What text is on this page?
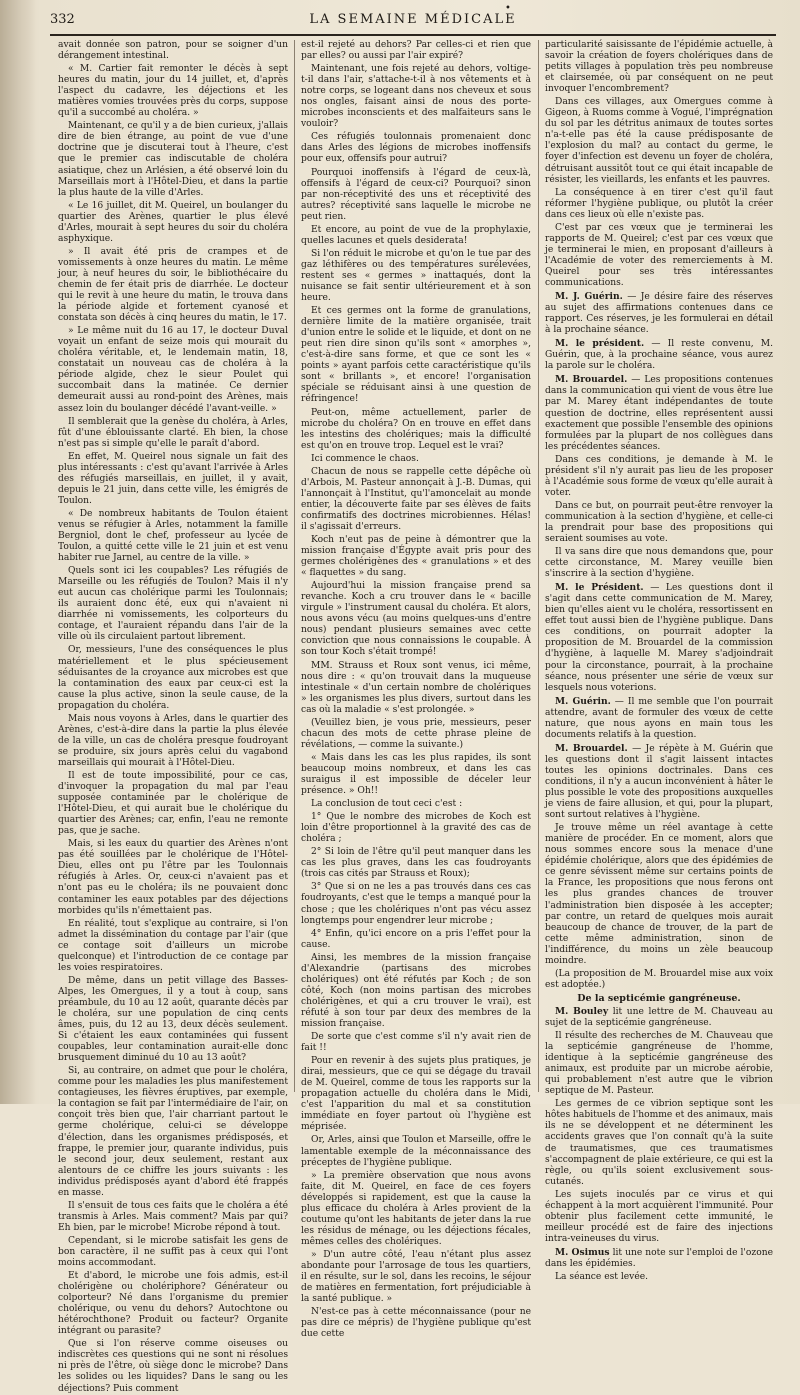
332	LA SEMAINE MÉDICALE
•

avait donnée son patron, pour se soigner d'un dérangement intestinal.

« M. Cartier fait remonter le décès à sept heures du matin, jour du 14 juillet, et, d'après l'aspect du cadavre, les déjections et les matières vomies trouvées près du corps, suppose qu'il a succombé au choléra. »

Maintenant, ce qu'il y a de bien curieux, j'allais dire de bien étrange, au point de vue d'une doctrine que je discuterai tout à l'heure, c'est que le premier cas indiscutable de choléra asiatique, chez un Arlésien, a été observé loin du Marseillais mort à l'Hôtel-Dieu, et dans la partie la plus haute de la ville d'Arles.

« Le 16 juillet, dit M. Queirel, un boulanger du quartier des Arènes, quartier le plus élevé d'Arles, mourait à sept heures du soir du choléra asphyxique.

» Il avait été pris de crampes et de vomissements à onze heures du matin. Le même jour, à neuf heures du soir, le bibliothécaire du chemin de fer était pris de diarrhée. Le docteur qui le revit à une heure du matin, le trouva dans la période algide et fortement cyanosé et constata son décès à cinq heures du matin, le 17.

» Le même nuit du 16 au 17, le docteur Duval voyait un enfant de seize mois qui mourait du choléra véritable, et, le lendemain matin, 18, constatait un nouveau cas de choléra à la période algide, chez le sieur Poulet qui succombait dans la matinée. Ce dernier demeurait aussi au rond-point des Arènes, mais assez loin du boulanger décédé l'avant-veille. »

Il semblerait que la genèse du choléra, à Arles, fût d'une éblouissante clarté. Eh bien, la chose n'est pas si simple qu'elle le paraît d'abord.

En effet, M. Queirel nous signale un fait des plus intéressants : c'est qu'avant l'arrivée à Arles des réfugiés marseillais, en juillet, il y avait, depuis le 21 juin, dans cette ville, les émigrés de Toulon.

« De nombreux habitants de Toulon étaient venus se réfugier à Arles, notamment la famille Bergniol, dont le chef, professeur au lycée de Toulon, a quitté cette ville le 21 juin et est venu habiter rue Jarnel, au centre de la ville. »

Quels sont ici les coupables? Les réfugiés de Marseille ou les réfugiés de Toulon? Mais il n'y eut aucun cas cholérique parmi les Toulonnais; ils auraient donc été, eux qui n'avaient ni diarrhée ni vomissements, les colporteurs du contage, et l'auraient répandu dans l'air de la ville où ils circulaient partout librement.

Or, messieurs, l'une des conséquences le plus matériellement et le plus spécieusement séduisantes de la croyance aux microbes est que la contamination des eaux par ceux-ci est la cause la plus active, sinon la seule cause, de la propagation du choléra.

Mais nous voyons à Arles, dans le quartier des Arènes, c'est-à-dire dans la partie la plus élevée de la ville, un cas de choléra presque foudroyant se produire, six jours après celui du vagabond marseillais qui mourait à l'Hôtel-Dieu.

Il est de toute impossibilité, pour ce cas, d'invoquer la propagation du mal par l'eau supposée contaminée par le cholérique de l'Hôtel-Dieu, et qui aurait bue le cholérique du quartier des Arènes; car, enfin, l'eau ne remonte pas, que je sache.

Mais, si les eaux du quartier des Arènes n'ont pas été souillées par le cholérique de l'Hôtel-Dieu, elles ont pu l'être par les Toulonnais réfugiés à Arles. Or, ceux-ci n'avaient pas et n'ont pas eu le choléra; ils ne pouvaient donc contaminer les eaux potables par des déjections morbides qu'ils n'émettaient pas.

En réalité, tout s'explique au contraire, si l'on admet la dissémination du contage par l'air (que ce contage soit d'ailleurs un microbe quelconque) et l'introduction de ce contage par les voies respiratoires.

De même, dans un petit village des Basses-Alpes, les Omergues, il y a tout à coup, sans préambule, du 10 au 12 août, quarante décès par le choléra, sur une population de cinq cents âmes, puis, du 12 au 13, deux décès seulement. Si c'étaient les eaux contaminées qui fussent coupables, leur contamination aurait-elle donc brusquement diminué du 10 au 13 août?

Si, au contraire, on admet que pour le choléra, comme pour les maladies les plus manifestement contagieuses, les fièvres éruptives, par exemple, la contagion se fait par l'intermédiaire de l'air, on conçoit très bien que, l'air charriant partout le germe cholérique, celui-ci se développe d'élection, dans les organismes prédisposés, et frappe, le premier jour, quarante individus, puis le second jour, deux seulement, restant aux alentours de ce chiffre les jours suivants : les individus prédisposés ayant d'abord été frappés en masse.

Il s'ensuit de tous ces faits que le choléra a été transmis à Arles. Mais comment? Mais par qui? Eh bien, par le microbe! Microbe répond à tout.

Cependant, si le microbe satisfait les gens de bon caractère, il ne suffit pas à ceux qui l'ont moins accommodant.

Et d'abord, le microbe une fois admis, est-il cholérigène ou cholériphore? Générateur ou colporteur? Né dans l'organisme du premier cholérique, ou venu du dehors? Autochtone ou hétérochthone? Produit ou facteur? Organite intégrant ou parasite?

Que si l'on réserve comme oiseuses ou indiscrètes ces questions qui ne sont ni résolues ni près de l'être, où siège donc le microbe? Dans les solides ou les liquides? Dans le sang ou les déjections? Puis comment

est-il rejeté au dehors? Par celles-ci et rien que par elles? ou aussi par l'air expiré?

Maintenant, une fois rejeté au dehors, voltige-t-il dans l'air, s'attache-t-il à nos vêtements et à notre corps, se logeant dans nos cheveux et sous nos ongles, faisant ainsi de nous des porte-microbes inconscients et des malfaiteurs sans le vouloir?

Ces réfugiés toulonnais promenaient donc dans Arles des légions de microbes inoffensifs pour eux, offensifs pour autrui?

Pourquoi inoffensifs à l'égard de ceux-là, offensifs à l'égard de ceux-ci? Pourquoi? sinon par non-réceptivité des uns et réceptivité des autres? réceptivité sans laquelle le microbe ne peut rien.

Et encore, au point de vue de la prophylaxie, quelles lacunes et quels desiderata!

Si l'on réduit le microbe et qu'on le tue par des gaz léthifères ou des températures surélevées, restent ses « germes » inattaqués, dont la nuisance se fait sentir ultérieurement et à son heure.

Et ces germes ont la forme de granulations, dernière limite de la matière organisée, trait d'union entre le solide et le liquide, et dont on ne peut rien dire sinon qu'ils sont « amorphes », c'est-à-dire sans forme, et que ce sont les « points » ayant parfois cette caractéristique qu'ils sont « brillants », et encore! l'organisation spéciale se réduisant ainsi à une question de réfringence!

Peut-on, même actuellement, parler de microbe du choléra? On en trouve en effet dans les intestins des cholériques; mais la difficulté est qu'on en trouve trop. Lequel est le vrai?

Ici commence le chaos.

Chacun de nous se rappelle cette dépêche où d'Arbois, M. Pasteur annonçait à J.-B. Dumas, qui l'annonçait à l'Institut, qu'l'amoncelait au monde entier, la découverte faite par ses élèves de faits confirmatifs des doctrines microbiennes. Hélas! il s'agissait d'erreurs.

Koch n'eut pas de peine à démontrer que la mission française d'Égypte avait pris pour des germes cholérigènes des « granulations » et des « flaquettes » du sang.

Aujourd'hui la mission française prend sa revanche. Koch a cru trouver dans le « bacille virgule » l'instrument causal du choléra. Et alors, nous avons vécu (au moins quelques-uns d'entre nous) pendant plusieurs semaines avec cette conviction que nous connaissions le coupable. À son tour Koch s'était trompé!

MM. Strauss et Roux sont venus, ici même, nous dire : « qu'on trouvait dans la muqueuse intestinale « d'un certain nombre de cholériques » les organismes les plus divers, surtout dans les cas où la maladie « s'est prolongée. »

(Veuillez bien, je vous prie, messieurs, peser chacun des mots de cette phrase pleine de révélations, — comme la suivante.)

« Mais dans les cas les plus rapides, ils sont beaucoup moins nombreux, et dans les cas suraigus il est impossible de déceler leur présence. » Oh!!

La conclusion de tout ceci c'est :

1° Que le nombre des microbes de Koch est loin d'être proportionnel à la gravité des cas de choléra ;

2° Si loin de l'être qu'il peut manquer dans les cas les plus graves, dans les cas foudroyants (trois cas cités par Strauss et Roux);

3° Que si on ne les a pas trouvés dans ces cas foudroyants, c'est que le temps a manqué pour la chose ; que les cholériques n'ont pas vécu assez longtemps pour engendrer leur microbe ;

4° Enfin, qu'ici encore on a pris l'effet pour la cause.

Ainsi, les membres de la mission française d'Alexandrie (partisans des microbes cholériques) ont été réfutés par Koch ; de son côté, Koch (non moins partisan des microbes cholérigènes, et qui a cru trouver le vrai), est réfuté à son tour par deux des membres de la mission française.

De sorte que c'est comme s'il n'y avait rien de fait !!

Pour en revenir à des sujets plus pratiques, je dirai, messieurs, que ce qui se dégage du travail de M. Queirel, comme de tous les rapports sur la propagation actuelle du choléra dans le Midi, c'est l'apparition du mal et sa constitution immédiate en foyer partout où l'hygiène est méprisée.

Or, Arles, ainsi que Toulon et Marseille, offre le lamentable exemple de la méconnaissance des préceptes de l'hygiène publique.

» La première observation que nous avons faite, dit M. Queirel, en face de ces foyers développés si rapidement, est que la cause la plus efficace du choléra à Arles provient de la coutume qu'ont les habitants de jeter dans la rue les résidus de ménage, ou les déjections fécales, mêmes celles des cholériques.

» D'un autre côté, l'eau n'étant plus assez abondante pour l'arrosage de tous les quartiers, il en résulte, sur le sol, dans les recoins, le séjour de matières en fermentation, fort préjudiciable à la santé publique. »

N'est-ce pas à cette méconnaissance (pour ne pas dire ce mépris) de l'hygiène publique qu'est due cette

particularité saisissante de l'épidémie actuelle, à savoir la création de foyers cholériques dans de petits villages à population très peu nombreuse et clairsemée, où par conséquent on ne peut invoquer l'encombrement?

Dans ces villages, aux Omergues comme à Gigeon, à Ruoms comme à Vogué, l'imprégnation du sol par les détritus animaux de toutes sortes n'a-t-elle pas été la cause prédisposante de l'explosion du mal? au contact du germe, le foyer d'infection est devenu un foyer de choléra, détruisant aussitôt tout ce qui était incapable de résister, les vieillards, les enfants et les pauvres.

La conséquence à en tirer c'est qu'il faut réformer l'hygiène publique, ou plutôt la créer dans ces lieux où elle n'existe pas.

C'est par ces vœux que je terminerai les rapports de M. Queirel; c'est par ces vœux que je terminerai le mien, en proposant d'ailleurs à l'Académie de voter des remerciements à M. Queirel pour ses très intéressantes communications.

M. J. Guérin. — Je désire faire des réserves au sujet des affirmations contenues dans ce rapport. Ces réserves, je les formulerai en détail à la prochaine séance.

M. le président. — Il reste convenu, M. Guérin, que, à la prochaine séance, vous aurez la parole sur le choléra.

M. Brouardel. — Les propositions contenues dans la communication qui vient de vous être lue par M. Marey étant indépendantes de toute question de doctrine, elles représentent aussi exactement que possible l'ensemble des opinions formulées par la plupart de nos collègues dans les précédentes séances.

Dans ces conditions, je demande à M. le président s'il n'y aurait pas lieu de les proposer à l'Académie sous forme de vœux qu'elle aurait à voter.

Dans ce but, on pourrait peut-être renvoyer la communication à la section d'hygiène, et celle-ci la prendrait pour base des propositions qui seraient soumises au vote.

Il va sans dire que nous demandons que, pour cette circonstance, M. Marey veuille bien s'inscrire à la section d'hygiène.

M. le Président. — Les questions dont il s'agit dans cette communication de M. Marey, bien qu'elles aient vu le choléra, ressortissent en effet tout aussi bien de l'hygiène publique. Dans ces conditions, on pourrait adopter la proposition de M. Brouardel de la commission d'hygiène, à laquelle M. Marey s'adjoindrait pour la circonstance, pourrait, à la prochaine séance, nous présenter une série de vœux sur lesquels nous voterions.

M. Guérin. — Il me semble que l'on pourrait attendre, avant de formuler des vœux de cette nature, que nous ayons en main tous les documents relatifs à la question.

M. Brouardel. — Je répète à M. Guérin que les questions dont il s'agit laissent intactes toutes les opinions doctrinales. Dans ces conditions, il n'y a aucun inconvénient à hâter le plus possible le vote des propositions auxquelles je viens de faire allusion, et qui, pour la plupart, sont surtout relatives à l'hygiène.

Je trouve même un réel avantage à cette manière de procéder. En ce moment, alors que nous sommes encore sous la menace d'une épidémie cholérique, alors que des épidémies de ce genre sévissent même sur certains points de la France, les propositions que nous ferons ont les plus grandes chances de trouver l'administration bien disposée à les accepter; par contre, un retard de quelques mois aurait beaucoup de chance de trouver, de la part de cette même administration, sinon de l'indifférence, du moins un zèle beaucoup moindre.

(La proposition de M. Brouardel mise aux voix est adoptée.)

De la septicémie gangréneuse.

M. Bouley lit une lettre de M. Chauveau au sujet de la septicémie gangréneuse.

Il résulte des recherches de M. Chauveau que la septicémie gangréneuse de l'homme, identique à la septicémie gangréneuse des animaux, est produite par un microbe aérobie, qui probablement n'est autre que le vibrion septique de M. Pasteur.

Les germes de ce vibrion septique sont les hôtes habituels de l'homme et des animaux, mais ils ne se développent et ne déterminent les accidents graves que l'on connaît qu'à la suite de traumatismes, que ces traumatismes s'accompagnent de plaie extérieure, ce qui est la règle, ou qu'ils soient exclusivement sous-cutanés.

Les sujets inoculés par ce virus et qui échappent à la mort acquièrent l'immunité. Pour obtenir plus facilement cette immunité, le meilleur procédé est de faire des injections intra-veineuses du virus.

M. Osimus lit une note sur l'emploi de l'ozone dans les épidémies.

La séance est levée.
